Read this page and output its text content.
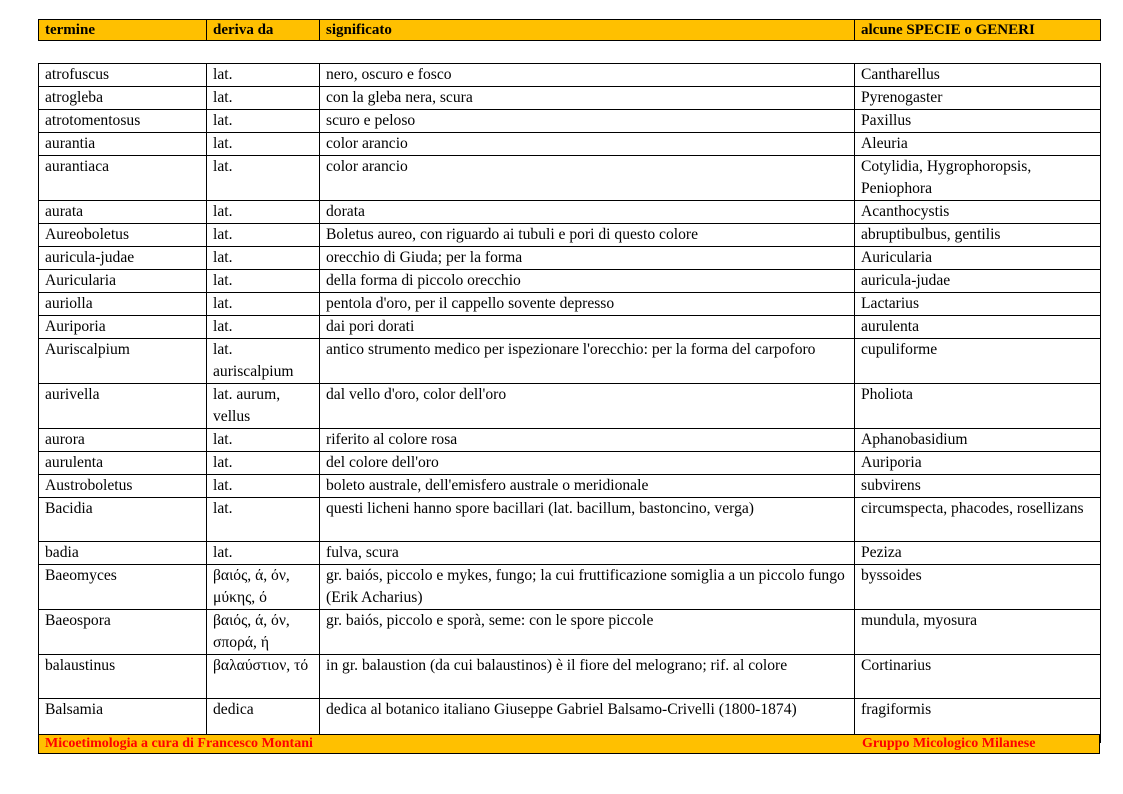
termine	deriva da	significato	alcune SPECIE o GENERI
atrofuscus	lat.	nero, oscuro e fosco	Cantharellus
atrogleba	lat.	con la gleba nera, scura	Pyrenogaster
atrotomentosus	lat.	scuro e peloso	Paxillus
aurantia	lat.	color arancio	Aleuria
aurantiaca	lat.	color arancio	Cotylidia, Hygrophoropsis, Peniophora
aurata	lat.	dorata	Acanthocystis
Aureoboletus	lat.	Boletus aureo, con riguardo ai tubuli e pori di questo colore	abruptibulbus, gentilis
auricula-judae	lat.	orecchio di Giuda; per la forma	Auricularia
Auricularia	lat.	della forma di piccolo orecchio	auricula-judae
auriolla	lat.	pentola d'oro, per il cappello sovente depresso	Lactarius
Auriporia	lat.	dai pori dorati	aurulenta
Auriscalpium	lat. auriscalpium	antico strumento medico per ispezionare l'orecchio: per la forma del carpoforo	cupuliforme
aurivella	lat. aurum, vellus	dal vello d'oro, color dell'oro	Pholiota
aurora	lat.	riferito al colore rosa	Aphanobasidium
aurulenta	lat.	del colore dell'oro	Auriporia
Austroboletus	lat.	boleto australe, dell'emisfero australe o meridionale	subvirens
Bacidia	lat.	questi licheni hanno spore bacillari (lat. bacillum, bastoncino, verga)	circumspecta, phacodes, rosellizans
badia	lat.	fulva, scura	Peziza
Baeomyces	βαιός, ά, όν, μύκης, ό	gr. baiós, piccolo e mykes, fungo; la cui fruttificazione somiglia a un piccolo fungo (Erik Acharius)	byssoides
Baeospora	βαιός, ά, όν, σπορά, ή	gr. baiós, piccolo e sporà, seme: con le spore piccole	mundula, myosura
balaustinus	βαλαύστιον, τό	in gr. balaustion (da cui balaustinos) è il fiore del melograno; rif. al colore	Cortinarius
Balsamia	dedica	dedica al botanico italiano Giuseppe Gabriel Balsamo-Crivelli (1800-1874)	fragiformis
Micoetimologia a cura di Francesco Montani	Gruppo Micologico Milanese
